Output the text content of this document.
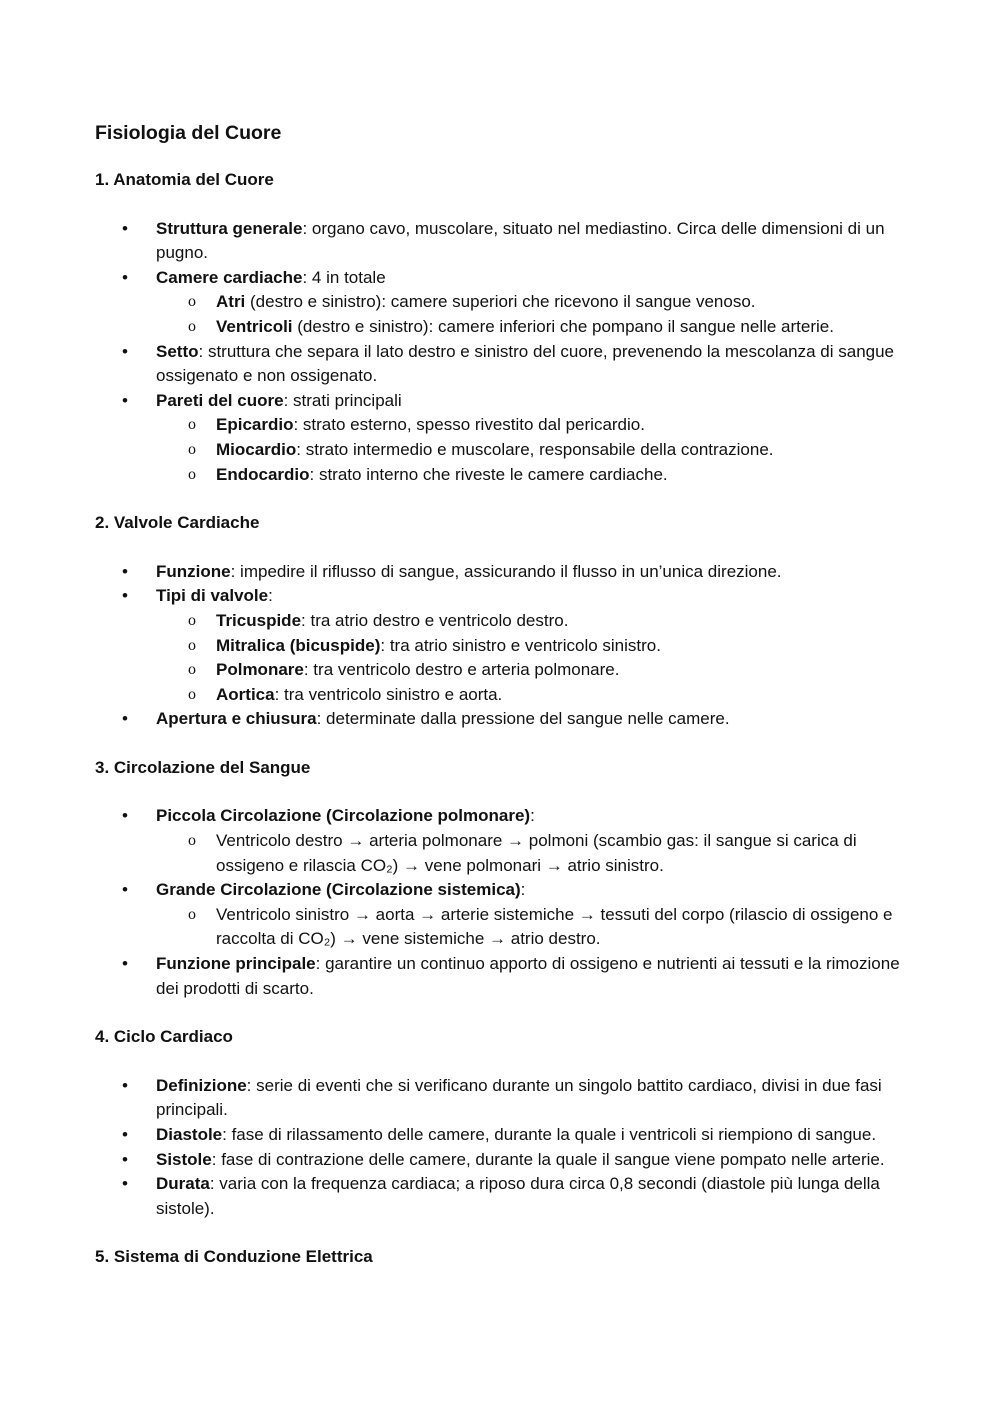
Fisiologia del Cuore
1. Anatomia del Cuore
• Struttura generale: organo cavo, muscolare, situato nel mediastino. Circa delle dimensioni di un pugno.
• Camere cardiache: 4 in totale
o Atri (destro e sinistro): camere superiori che ricevono il sangue venoso.
o Ventricoli (destro e sinistro): camere inferiori che pompano il sangue nelle arterie.
• Setto: struttura che separa il lato destro e sinistro del cuore, prevenendo la mescolanza di sangue ossigenato e non ossigenato.
• Pareti del cuore: strati principali
o Epicardio: strato esterno, spesso rivestito dal pericardio.
o Miocardio: strato intermedio e muscolare, responsabile della contrazione.
o Endocardio: strato interno che riveste le camere cardiache.
2. Valvole Cardiache
• Funzione: impedire il riflusso di sangue, assicurando il flusso in un’unica direzione.
• Tipi di valvole:
o Tricuspide: tra atrio destro e ventricolo destro.
o Mitralica (bicuspide): tra atrio sinistro e ventricolo sinistro.
o Polmonare: tra ventricolo destro e arteria polmonare.
o Aortica: tra ventricolo sinistro e aorta.
• Apertura e chiusura: determinate dalla pressione del sangue nelle camere.
3. Circolazione del Sangue
• Piccola Circolazione (Circolazione polmonare):
o Ventricolo destro → arteria polmonare → polmoni (scambio gas: il sangue si carica di ossigeno e rilascia CO₂) → vene polmonari → atrio sinistro.
• Grande Circolazione (Circolazione sistemica):
o Ventricolo sinistro → aorta → arterie sistemiche → tessuti del corpo (rilascio di ossigeno e raccolta di CO₂) → vene sistemiche → atrio destro.
• Funzione principale: garantire un continuo apporto di ossigeno e nutrienti ai tessuti e la rimozione dei prodotti di scarto.
4. Ciclo Cardiaco
• Definizione: serie di eventi che si verificano durante un singolo battito cardiaco, divisi in due fasi principali.
• Diastole: fase di rilassamento delle camere, durante la quale i ventricoli si riempiono di sangue.
• Sistole: fase di contrazione delle camere, durante la quale il sangue viene pompato nelle arterie.
• Durata: varia con la frequenza cardiaca; a riposo dura circa 0,8 secondi (diastole più lunga della sistole).
5. Sistema di Conduzione Elettrica
